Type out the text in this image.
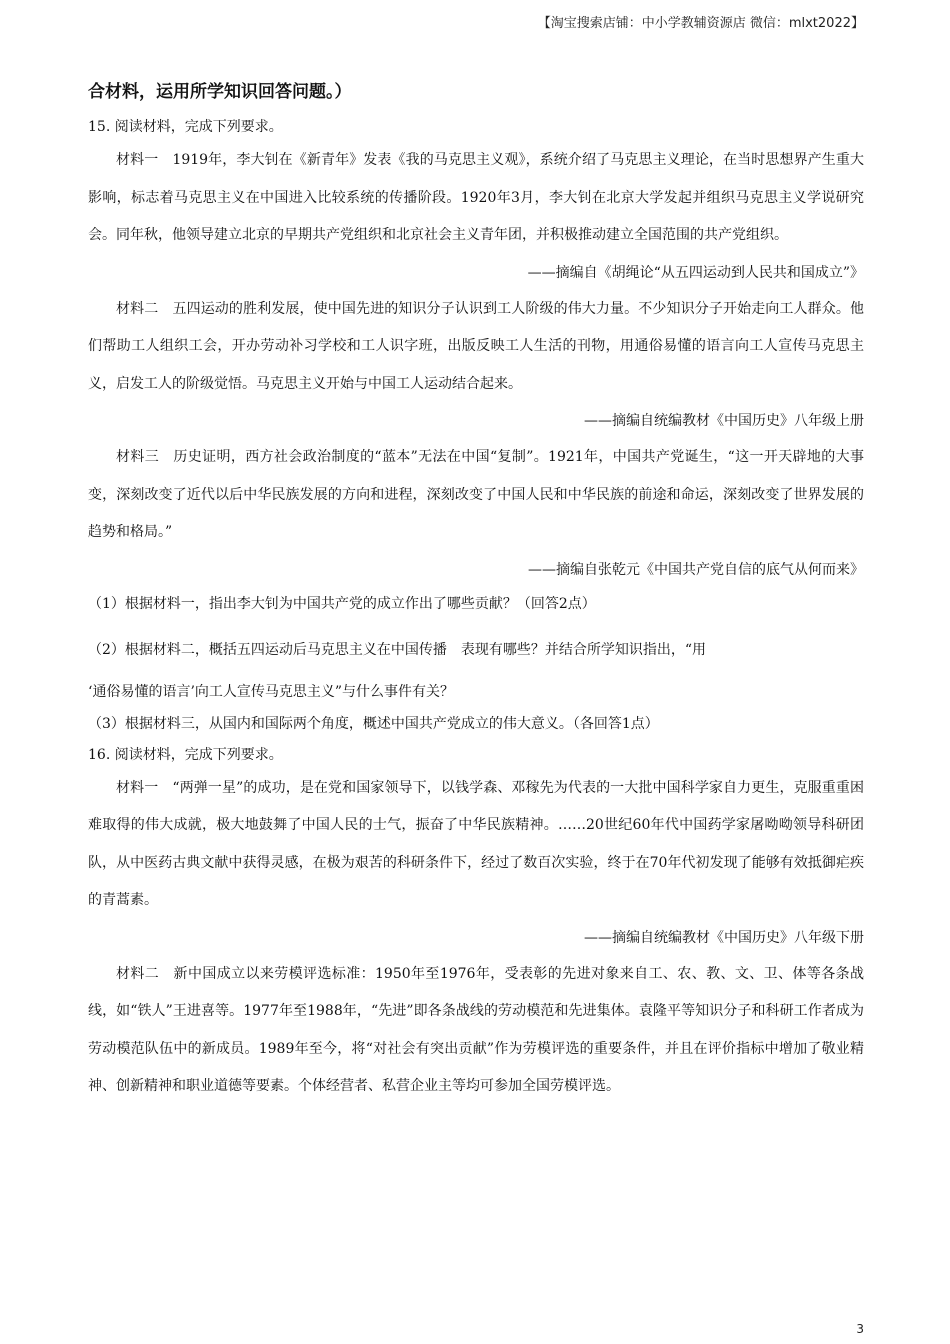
【淘宝搜索店铺：中小学教辅资源店 微信：mlxt2022】

合材料，运用所学知识回答问题。）

15. 阅读材料，完成下列要求。

材料一　1919年，李大钊在《新青年》发表《我的马克思主义观》，系统介绍了马克思主义理论，在当时思想界产生重大影响，标志着马克思主义在中国进入比较系统的传播阶段。1920年3月，李大钊在北京大学发起并组织马克思主义学说研究会。同年秋，他领导建立北京的早期共产党组织和北京社会主义青年团，并积极推动建立全国范围的共产党组织。

——摘编自《胡绳论“从五四运动到人民共和国成立”》

材料二　五四运动的胜利发展，使中国先进的知识分子认识到工人阶级的伟大力量。不少知识分子开始走向工人群众。他们帮助工人组织工会，开办劳动补习学校和工人识字班，出版反映工人生活的刊物，用通俗易懂的语言向工人宣传马克思主义，启发工人的阶级觉悟。马克思主义开始与中国工人运动结合起来。

——摘编自统编教材《中国历史》八年级上册

材料三　历史证明，西方社会政治制度的“蓝本”无法在中国“复制”。1921年，中国共产党诞生，“这一开天辟地的大事变，深刻改变了近代以后中华民族发展的方向和进程，深刻改变了中国人民和中华民族的前途和命运，深刻改变了世界发展的趋势和格局。”

——摘编自张乾元《中国共产党自信的底气从何而来》

（1）根据材料一，指出李大钊为中国共产党的成立作出了哪些贡献？（回答2点）

（2）根据材料二，概括五四运动后马克思主义在中国传播　表现有哪些？并结合所学知识指出，“用

‘通俗易懂的语言’向工人宣传马克思主义”与什么事件有关？

（3）根据材料三，从国内和国际两个角度，概述中国共产党成立的伟大意义。（各回答1点）

16. 阅读材料，完成下列要求。

材料一　“两弹一星”的成功，是在党和国家领导下，以钱学森、邓稼先为代表的一大批中国科学家自力更生，克服重重困难取得的伟大成就，极大地鼓舞了中国人民的士气，振奋了中华民族精神。……20世纪60年代中国药学家屠呦呦领导科研团队，从中医药古典文献中获得灵感，在极为艰苦的科研条件下，经过了数百次实验，终于在70年代初发现了能够有效抵御疟疾的青蒿素。

——摘编自统编教材《中国历史》八年级下册

材料二　新中国成立以来劳模评选标准：1950年至1976年，受表彰的先进对象来自工、农、教、文、卫、体等各条战线，如“铁人”王进喜等。1977年至1988年，“先进”即各条战线的劳动模范和先进集体。袁隆平等知识分子和科研工作者成为劳动模范队伍中的新成员。1989年至今，将“对社会有突出贡献”作为劳模评选的重要条件，并且在评价指标中增加了敬业精神、创新精神和职业道德等要素。个体经营者、私营企业主等均可参加全国劳模评选。

3
